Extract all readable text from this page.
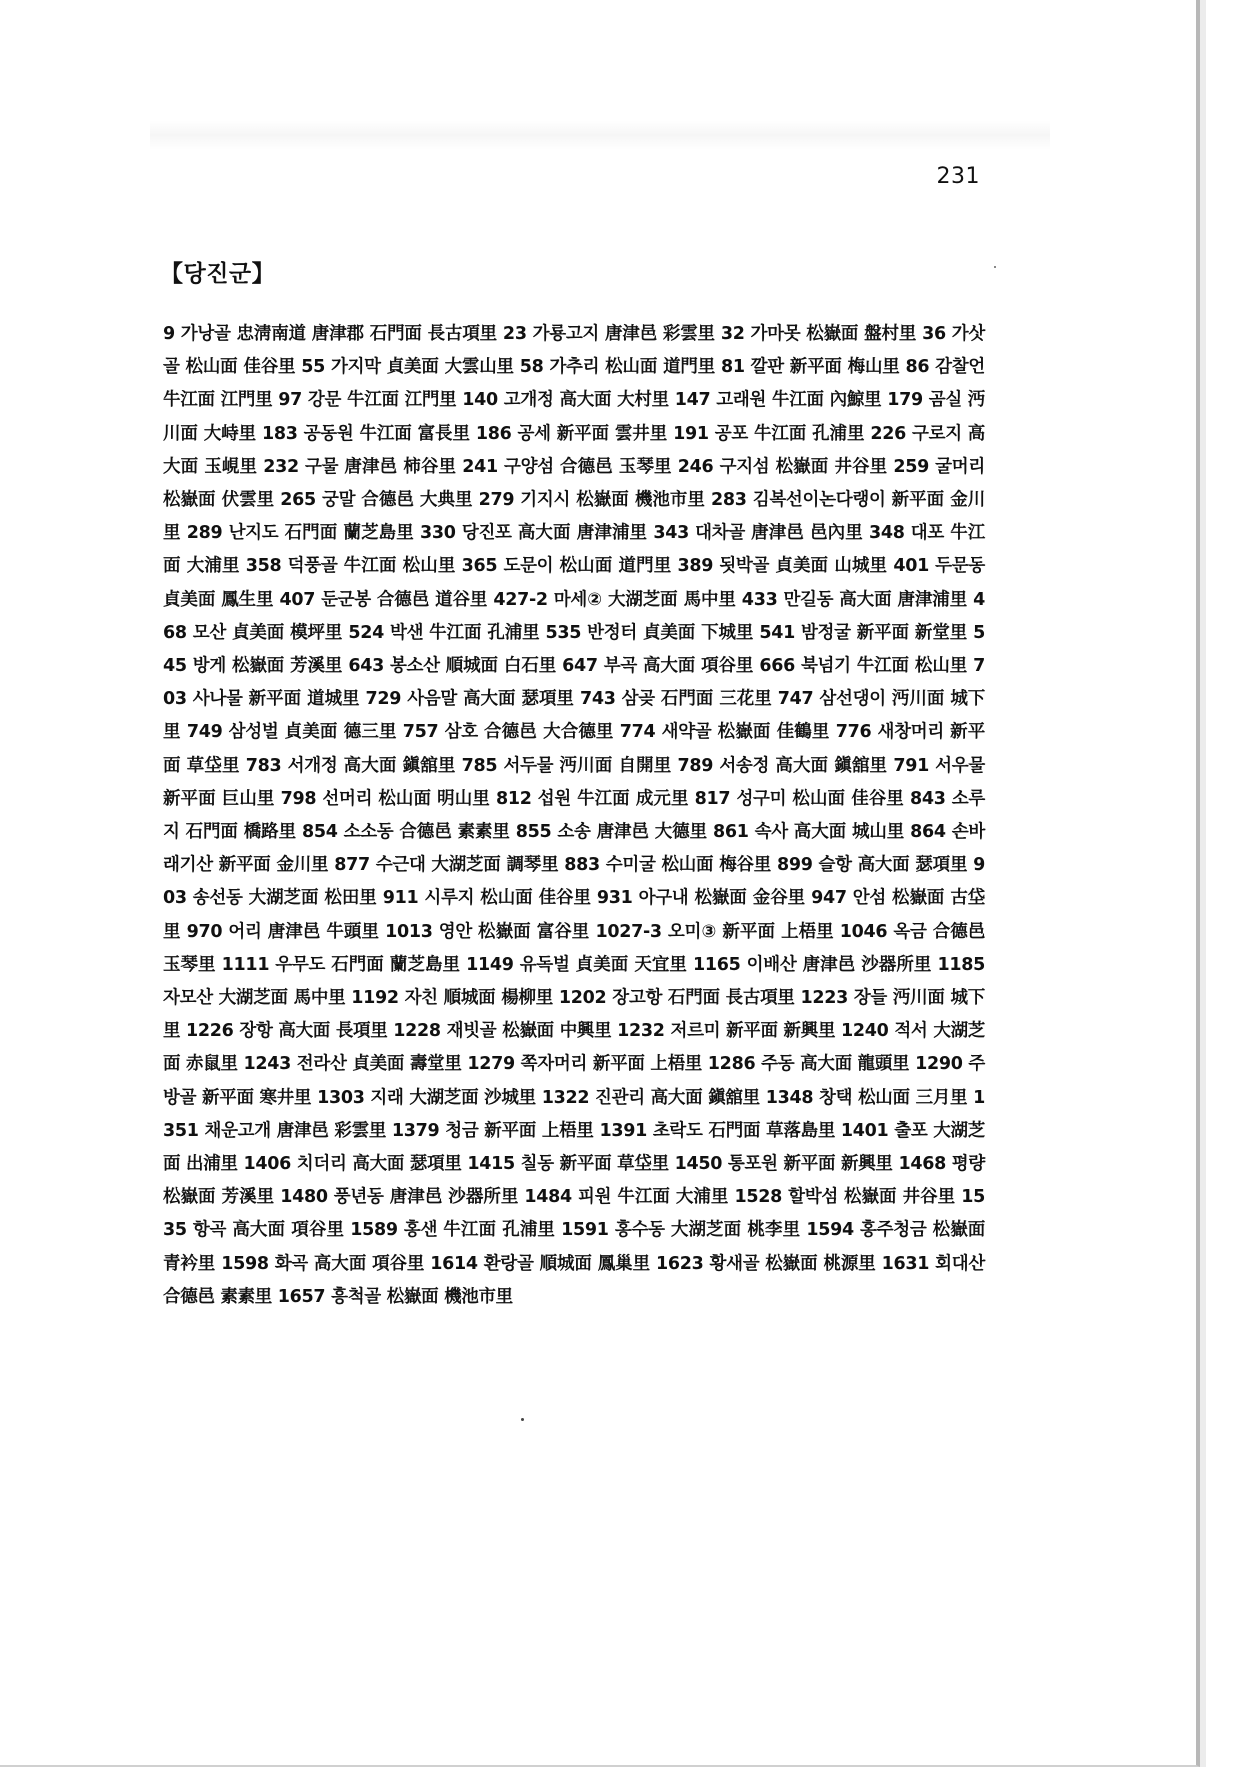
231
【당진군】

9 가낭골 忠淸南道 唐津郡 石門面 長古項里 23 가룡고지 唐津邑 彩雲里 32 가마못 松嶽面 盤村里 36 가삿골 松山面 佳谷里 55 가지막 貞美面 大雲山里 58 가추리 松山面 道門里 81 깔판 新平面 梅山里 86 감찰언 牛江面 江門里 97 강문 牛江面 江門里 140 고개정 高大面 大村里 147 고래원 牛江面 內鯨里 179 곰실 沔川面 大峙里 183 공동원 牛江面 富長里 186 공세 新平面 雲井里 191 공포 牛江面 孔浦里 226 구로지 高大面 玉峴里 232 구물 唐津邑 柿谷里 241 구양섬 合德邑 玉琴里 246 구지섬 松嶽面 井谷里 259 굴머리 松嶽面 伏雲里 265 궁말 合德邑 大典里 279 기지시 松嶽面 機池市里 283 김복선이논다랭이 新平面 金川里 289 난지도 石門面 蘭芝島里 330 당진포 高大面 唐津浦里 343 대차골 唐津邑 邑內里 348 대포 牛江面 大浦里 358 덕풍골 牛江面 松山里 365 도문이 松山面 道門里 389 됫박골 貞美面 山城里 401 두문동 貞美面 鳳生里 407 둔군봉 合德邑 道谷里 427-2 마세② 大湖芝面 馬中里 433 만길동 高大面 唐津浦里 468 모산 貞美面 模坪里 524 박샌 牛江面 孔浦里 535 반정터 貞美面 下城里 541 밤정굴 新平面 新堂里 545 방게 松嶽面 芳溪里 643 봉소산 順城面 白石里 647 부곡 高大面 項谷里 666 북넘기 牛江面 松山里 703 사나물 新平面 道城里 729 사음말 高大面 瑟項里 743 삼곶 石門面 三花里 747 삼선댕이 沔川面 城下里 749 삼성벌 貞美面 德三里 757 삼호 合德邑 大合德里 774 새약골 松嶽面 佳鶴里 776 새창머리 新平面 草垈里 783 서개정 高大面 鎭舘里 785 서두물 沔川面 自開里 789 서송정 高大面 鎭舘里 791 서우물 新平面 巨山里 798 선머리 松山面 明山里 812 섭원 牛江面 成元里 817 성구미 松山面 佳谷里 843 소루지 石門面 橋路里 854 소소동 合德邑 素素里 855 소송 唐津邑 大德里 861 속사 高大面 城山里 864 손바래기산 新平面 金川里 877 수근대 大湖芝面 調琴里 883 수미굴 松山面 梅谷里 899 슬항 高大面 瑟項里 903 송선동 大湖芝面 松田里 911 시루지 松山面 佳谷里 931 아구내 松嶽面 金谷里 947 안섬 松嶽面 古垈里 970 어리 唐津邑 牛頭里 1013 영안 松嶽面 富谷里 1027-3 오미③ 新平面 上梧里 1046 옥금 合德邑 玉琴里 1111 우무도 石門面 蘭芝島里 1149 유독벌 貞美面 天宜里 1165 이배산 唐津邑 沙器所里 1185 자모산 大湖芝面 馬中里 1192 자친 順城面 楊柳里 1202 장고항 石門面 長古項里 1223 장들 沔川面 城下里 1226 장항 高大面 長項里 1228 재빗골 松嶽面 中興里 1232 저르미 新平面 新興里 1240 적서 大湖芝面 赤鼠里 1243 전라산 貞美面 壽堂里 1279 쪽자머리 新平面 上梧里 1286 주동 高大面 龍頭里 1290 주방골 新平面 寒井里 1303 지래 大湖芝面 沙城里 1322 진관리 高大面 鎭舘里 1348 창택 松山面 三月里 1351 채운고개 唐津邑 彩雲里 1379 청금 新平面 上梧里 1391 초락도 石門面 草落島里 1401 출포 大湖芝面 出浦里 1406 치더리 高大面 瑟項里 1415 칠동 新平面 草垈里 1450 통포원 新平面 新興里 1468 평량 松嶽面 芳溪里 1480 풍년동 唐津邑 沙器所里 1484 피원 牛江面 大浦里 1528 할박섬 松嶽面 井谷里 1535 항곡 高大面 項谷里 1589 홍샌 牛江面 孔浦里 1591 홍수동 大湖芝面 桃李里 1594 홍주청금 松嶽面 青衿里 1598 화곡 高大面 項谷里 1614 환랑골 順城面 鳳巢里 1623 황새골 松嶽面 桃源里 1631 회대산 合德邑 素素里 1657 흥척골 松嶽面 機池市里
